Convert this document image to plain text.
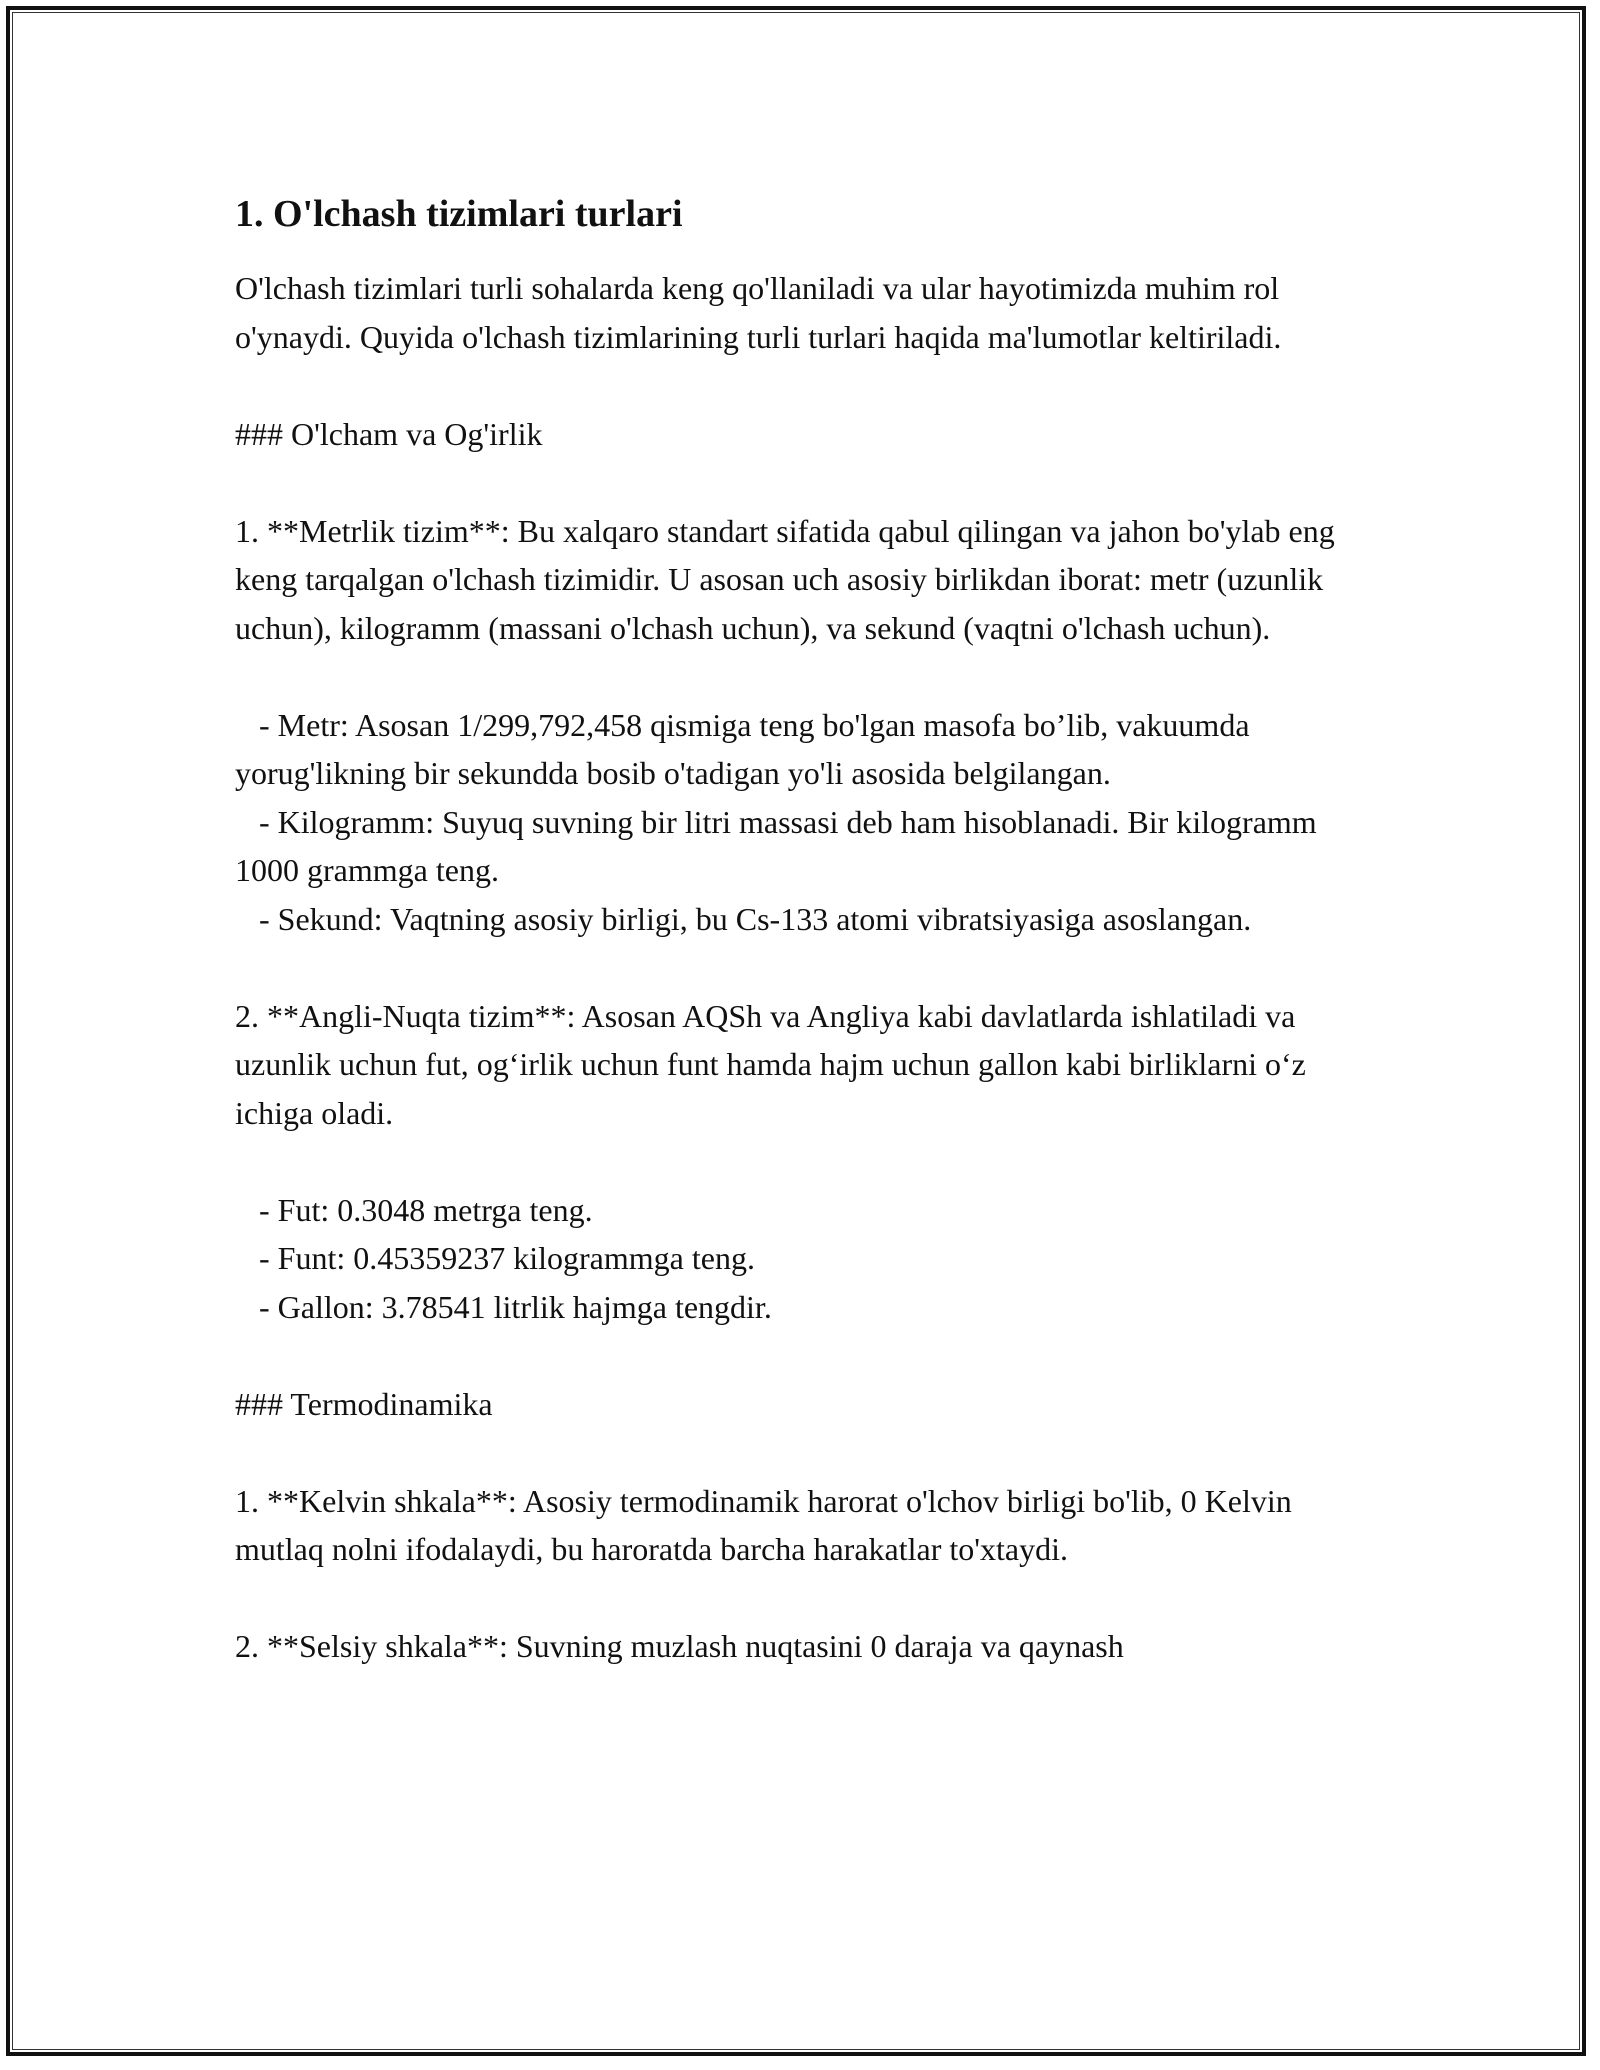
1. O'lchash tizimlari turlari

O'lchash tizimlari turli sohalarda keng qo'llaniladi va ular hayotimizda muhim rol o'ynaydi. Quyida o'lchash tizimlarining turli turlari haqida ma'lumotlar keltiriladi.

### O'lcham va Og'irlik

1. **Metrlik tizim**: Bu xalqaro standart sifatida qabul qilingan va jahon bo'ylab eng keng tarqalgan o'lchash tizimidir. U asosan uch asosiy birlikdan iborat: metr (uzunlik uchun), kilogramm (massani o'lchash uchun), va sekund (vaqtni o'lchash uchun).

- Metr: Asosan 1/299,792,458 qismiga teng bo'lgan masofa bo’lib, vakuumda yorug'likning bir sekundda bosib o'tadigan yo'li asosida belgilangan.

- Kilogramm: Suyuq suvning bir litri massasi deb ham hisoblanadi. Bir kilogramm 1000 grammga teng.

- Sekund: Vaqtning asosiy birligi, bu Cs-133 atomi vibratsiyasiga asoslangan.

2. **Angli-Nuqta tizim**: Asosan AQSh va Angliya kabi davlatlarda ishlatiladi va uzunlik uchun fut, og‘irlik uchun funt hamda hajm uchun gallon kabi birliklarni o‘z ichiga oladi.

- Fut: 0.3048 metrga teng.

- Funt: 0.45359237 kilogrammga teng.

- Gallon: 3.78541 litrlik hajmga tengdir.

### Termodinamika

1. **Kelvin shkala**: Asosiy termodinamik harorat o'lchov birligi bo'lib, 0 Kelvin mutlaq nolni ifodalaydi, bu haroratda barcha harakatlar to'xtaydi.

2. **Selsiy shkala**: Suvning muzlash nuqtasini 0 daraja va qaynash
